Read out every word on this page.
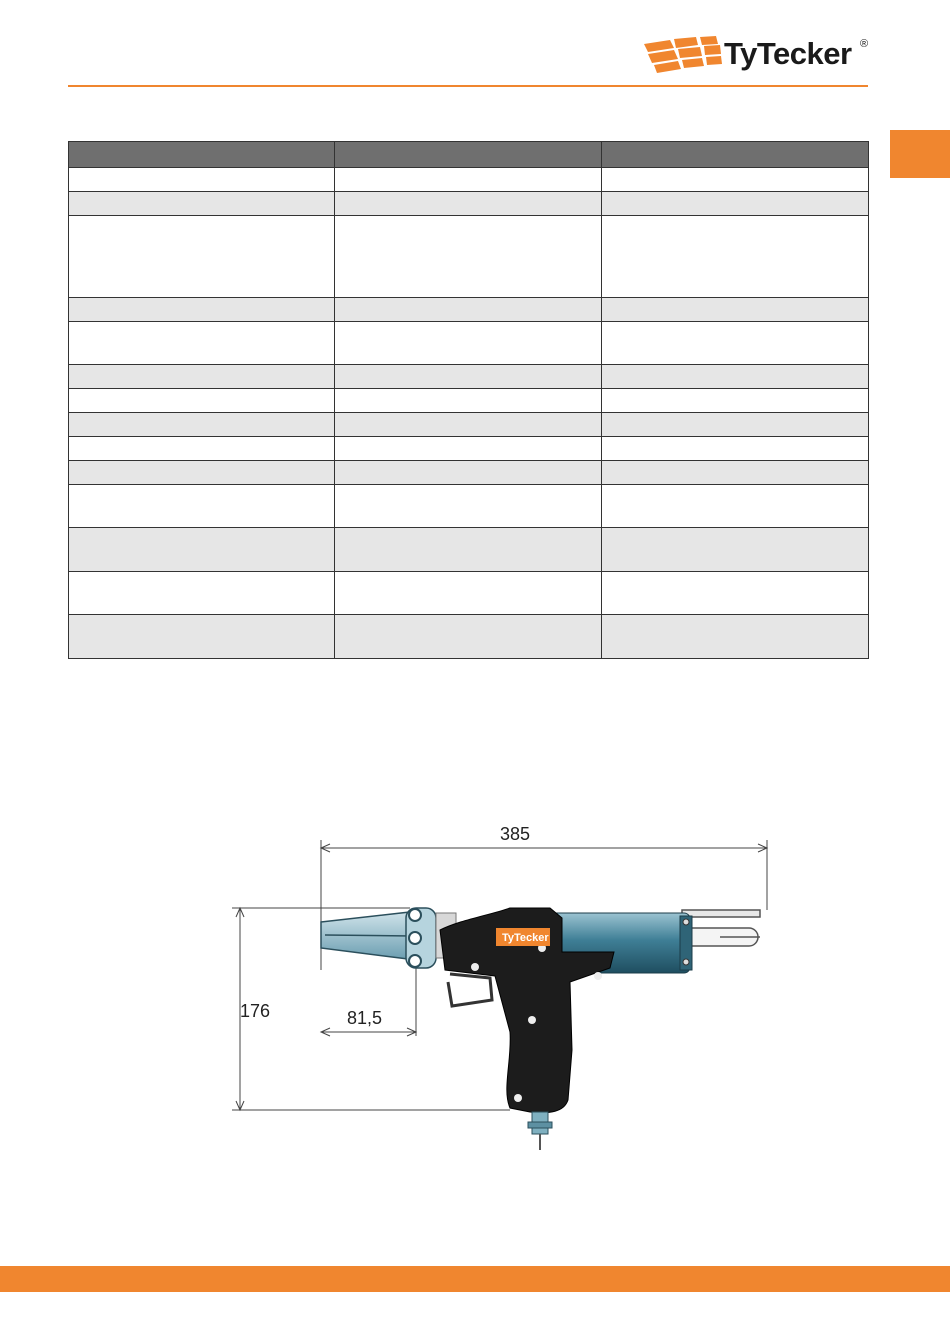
TyTecker ®

385
176	81,5
TyTecker
